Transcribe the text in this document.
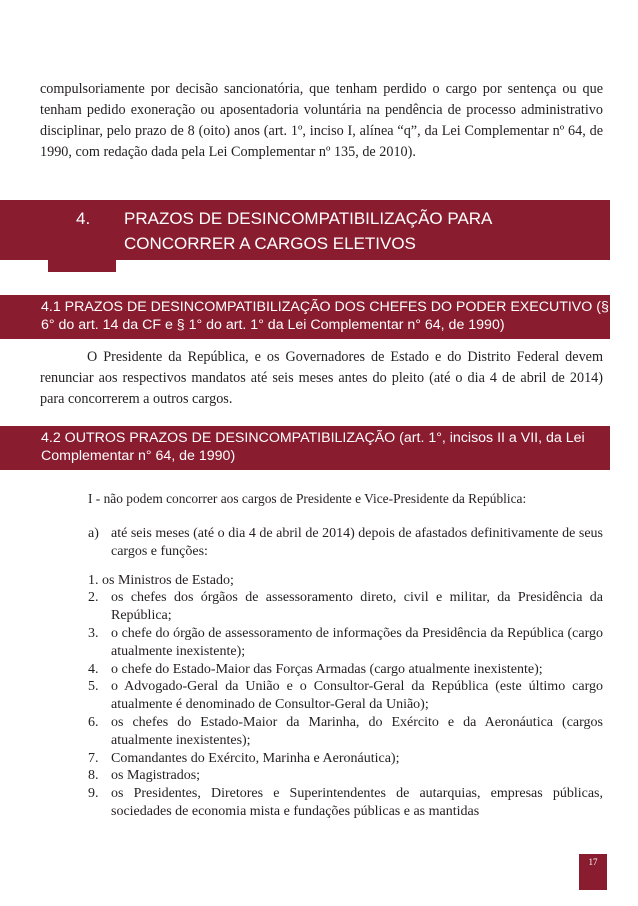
compulsoriamente por decisão sancionatória, que tenham perdido o cargo por sentença ou que tenham pedido exoneração ou aposentadoria voluntária na pendência de processo administrativo disciplinar, pelo prazo de 8 (oito) anos (art. 1º, inciso I, alínea “q”, da Lei Complementar nº 64, de 1990, com redação dada pela Lei Complementar nº 135, de 2010).

4. PRAZOS DE DESINCOMPATIBILIZAÇÃO PARA CONCORRER A CARGOS ELETIVOS
4.1 PRAZOS DE DESINCOMPATIBILIZAÇÃO DOS CHEFES DO PODER EXECUTIVO (§ 6° do art. 14 da CF e § 1° do art. 1° da Lei Complementar n° 64, de 1990)

O Presidente da República, e os Governadores de Estado e do Distrito Federal devem renunciar aos respectivos mandatos até seis meses antes do pleito (até o dia 4 de abril de 2014) para concorrerem a outros cargos.

4.2 OUTROS PRAZOS DE DESINCOMPATIBILIZAÇÃO (art. 1°, incisos II a VII, da Lei Complementar n° 64, de 1990)

I - não podem concorrer aos cargos de Presidente e Vice-Presidente da República:

a) até seis meses (até o dia 4 de abril de 2014) depois de afastados definitivamente de seus cargos e funções:
1. os Ministros de Estado;
2. os chefes dos órgãos de assessoramento direto, civil e militar, da Presidência da República;
3. o chefe do órgão de assessoramento de informações da Presidência da República (cargo atualmente inexistente);
4. o chefe do Estado-Maior das Forças Armadas (cargo atualmente inexistente);
5. o Advogado-Geral da União e o Consultor-Geral da República (este último cargo atualmente é denominado de Consultor-Geral da União);
6. os chefes do Estado-Maior da Marinha, do Exército e da Aeronáutica (cargos atualmente inexistentes);
7. Comandantes do Exército, Marinha e Aeronáutica);
8. os Magistrados;
9. os Presidentes, Diretores e Superintendentes de autarquias, empresas públicas, sociedades de economia mista e fundações públicas e as mantidas
17
